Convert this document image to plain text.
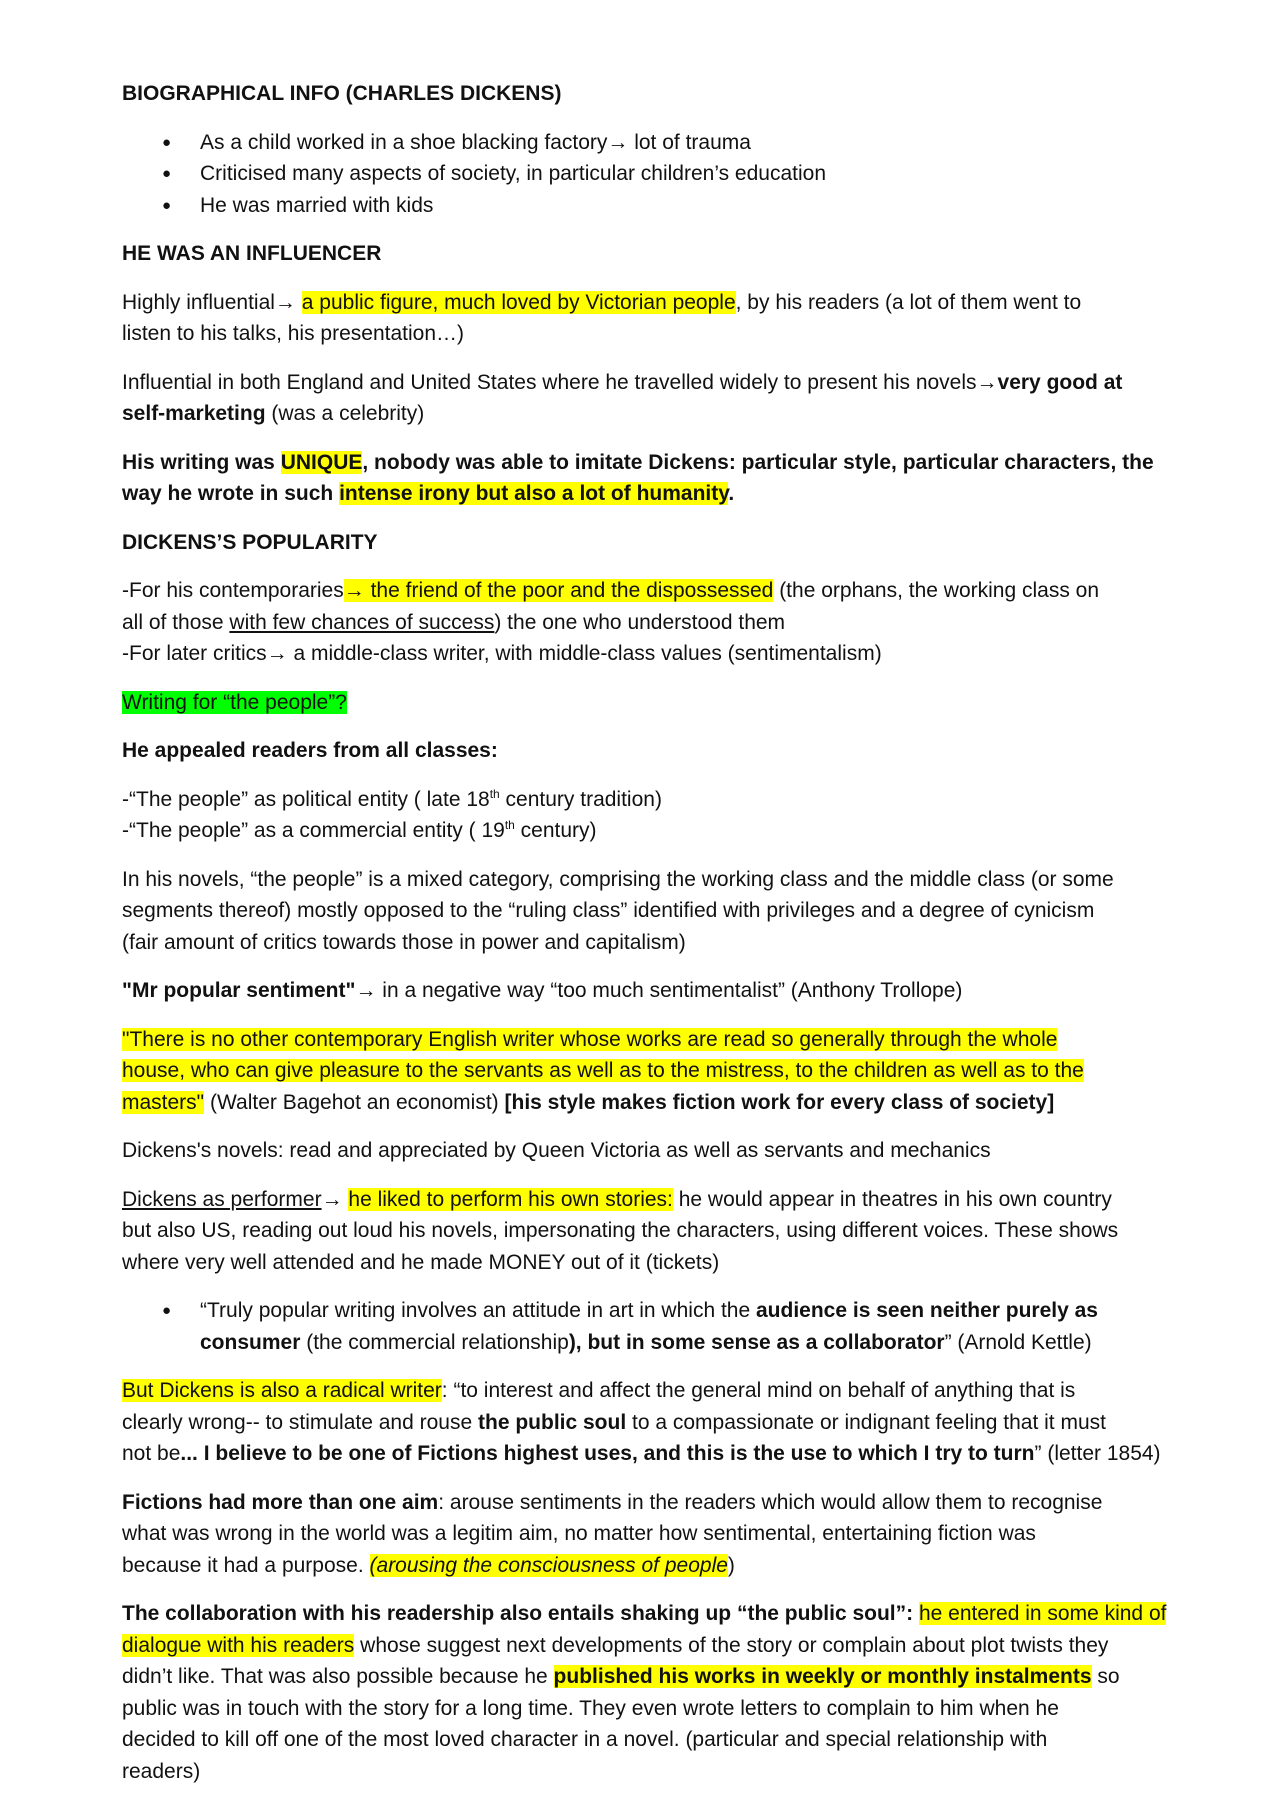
BIOGRAPHICAL INFO (CHARLES DICKENS)
● As a child worked in a shoe blacking factory→ lot of trauma
● Criticised many aspects of society, in particular children’s education
● He was married with kids
HE WAS AN INFLUENCER

Highly influential→ a public figure, much loved by Victorian people, by his readers (a lot of them went to
listen to his talks, his presentation…)

Influential in both England and United States where he travelled widely to present his novels→very good at
self-marketing (was a celebrity)

His writing was UNIQUE, nobody was able to imitate Dickens: particular style, particular characters, the
way he wrote in such intense irony but also a lot of humanity.

DICKENS’S POPULARITY

-For his contemporaries→ the friend of the poor and the dispossessed (the orphans, the working class on
all of those with few chances of success) the one who understood them
-For later critics→ a middle-class writer, with middle-class values (sentimentalism)

Writing for “the people”?

He appealed readers from all classes:

-“The people” as political entity ( late 18th century tradition)
-“The people” as a commercial entity ( 19th century)

In his novels, “the people” is a mixed category, comprising the working class and the middle class (or some
segments thereof) mostly opposed to the “ruling class” identified with privileges and a degree of cynicism
(fair amount of critics towards those in power and capitalism)

"Mr popular sentiment"→ in a negative way “too much sentimentalist” (Anthony Trollope)

"There is no other contemporary English writer whose works are read so generally through the whole
house, who can give pleasure to the servants as well as to the mistress, to the children as well as to the
masters" (Walter Bagehot an economist) [his style makes fiction work for every class of society]

Dickens's novels: read and appreciated by Queen Victoria as well as servants and mechanics

Dickens as performer→ he liked to perform his own stories: he would appear in theatres in his own country
but also US, reading out loud his novels, impersonating the characters, using different voices. These shows
where very well attended and he made MONEY out of it (tickets)

● “Truly popular writing involves an attitude in art in which the audience is seen neither purely as
consumer (the commercial relationship), but in some sense as a collaborator” (Arnold Kettle)

But Dickens is also a radical writer: “to interest and affect the general mind on behalf of anything that is
clearly wrong-- to stimulate and rouse the public soul to a compassionate or indignant feeling that it must
not be... I believe to be one of Fictions highest uses, and this is the use to which I try to turn” (letter 1854)

Fictions had more than one aim: arouse sentiments in the readers which would allow them to recognise
what was wrong in the world was a legitim aim, no matter how sentimental, entertaining fiction was
because it had a purpose. (arousing the consciousness of people)

The collaboration with his readership also entails shaking up “the public soul”: he entered in some kind of
dialogue with his readers whose suggest next developments of the story or complain about plot twists they
didn’t like. That was also possible because he published his works in weekly or monthly instalments so
public was in touch with the story for a long time. They even wrote letters to complain to him when he
decided to kill off one of the most loved character in a novel. (particular and special relationship with
readers)
